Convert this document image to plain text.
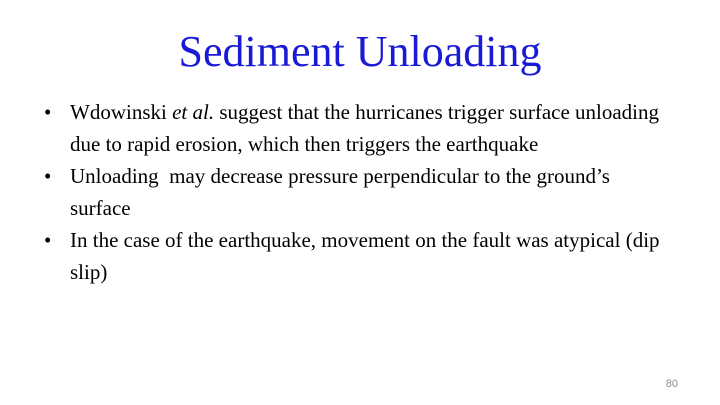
Sediment Unloading
• Wdowinski et al. suggest that the hurricanes trigger surface unloading due to rapid erosion, which then triggers the earthquake
• Unloading  may decrease pressure perpendicular to the ground’s surface
• In the case of the earthquake, movement on the fault was atypical (dip slip)
80
